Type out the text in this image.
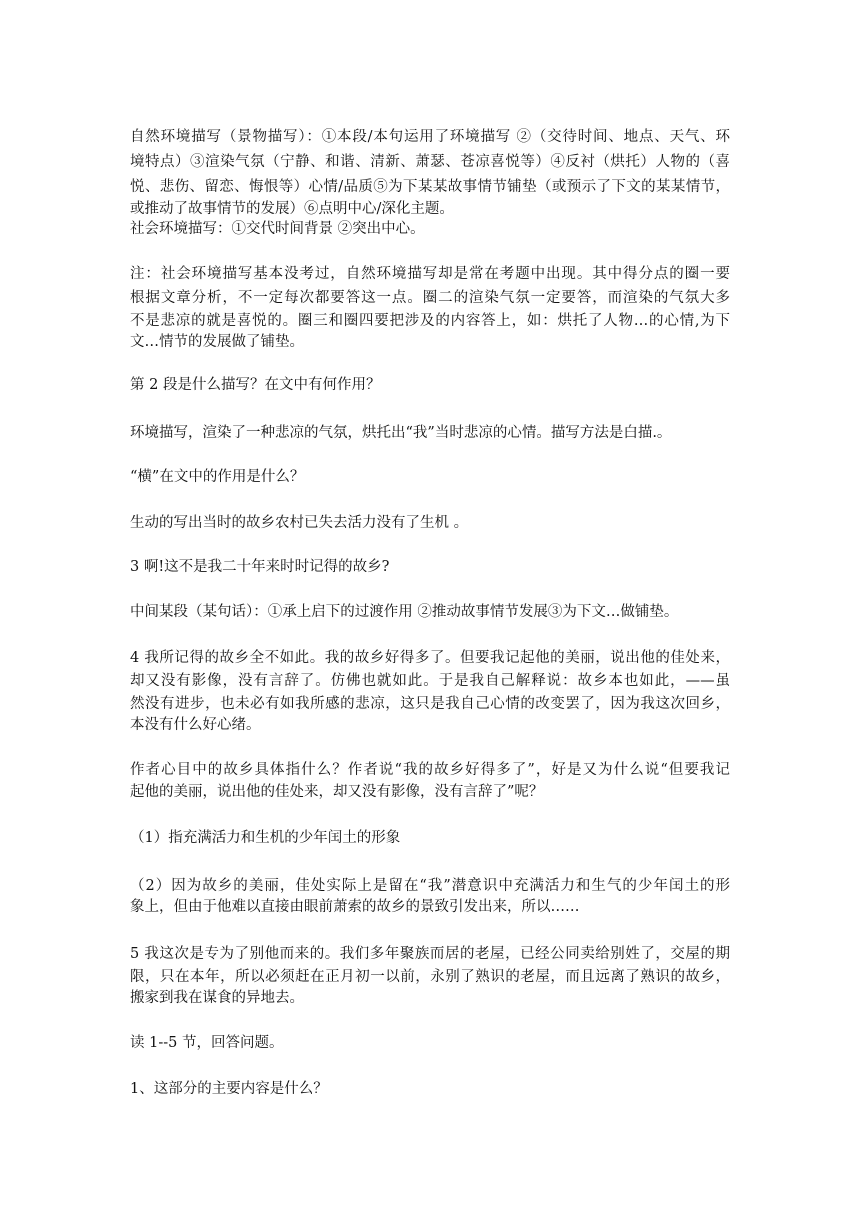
自然环境描写（景物描写）：①本段/本句运用了环境描写 ②（交待时间、地点、天气、环
境特点）③渲染气氛（宁静、和谐、清新、萧瑟、苍凉喜悦等）④反衬（烘托）人物的（喜
悦、悲伤、留恋、悔恨等）心情/品质⑤为下某某故事情节铺垫（或预示了下文的某某情节，
或推动了故事情节的发展）⑥点明中心/深化主题。
社会环境描写：①交代时间背景 ②突出中心。
注：社会环境描写基本没考过，自然环境描写却是常在考题中出现。其中得分点的圈一要
根据文章分析，不一定每次都要答这一点。圈二的渲染气氛一定要答，而渲染的气氛大多
不是悲凉的就是喜悦的。圈三和圈四要把涉及的内容答上，如：烘托了人物…的心情,为下
文…情节的发展做了铺垫。
第 2 段是什么描写？在文中有何作用？
环境描写，渲染了一种悲凉的气氛，烘托出“我”当时悲凉的心情。描写方法是白描.。
“横”在文中的作用是什么？
生动的写出当时的故乡农村已失去活力没有了生机 。
3 啊!这不是我二十年来时时记得的故乡?
中间某段（某句话）：①承上启下的过渡作用 ②推动故事情节发展③为下文…做铺垫。
4 我所记得的故乡全不如此。我的故乡好得多了。但要我记起他的美丽，说出他的佳处来，
却又没有影像，没有言辞了。仿佛也就如此。于是我自己解释说：故乡本也如此，——虽
然没有进步，也未必有如我所感的悲凉，这只是我自己心情的改变罢了，因为我这次回乡，
本没有什么好心绪。
作者心目中的故乡具体指什么？作者说“我的故乡好得多了”，好是又为什么说“但要我记
起他的美丽，说出他的佳处来，却又没有影像，没有言辞了”呢？
（1）指充满活力和生机的少年闰土的形象
（2）因为故乡的美丽，佳处实际上是留在“我”潜意识中充满活力和生气的少年闰土的形
象上，但由于他难以直接由眼前萧索的故乡的景致引发出来，所以……
5 我这次是专为了别他而来的。我们多年聚族而居的老屋，已经公同卖给别姓了，交屋的期
限，只在本年，所以必须赶在正月初一以前，永别了熟识的老屋，而且远离了熟识的故乡，
搬家到我在谋食的异地去。
读 1--5 节，回答问题。
1、这部分的主要内容是什么？
